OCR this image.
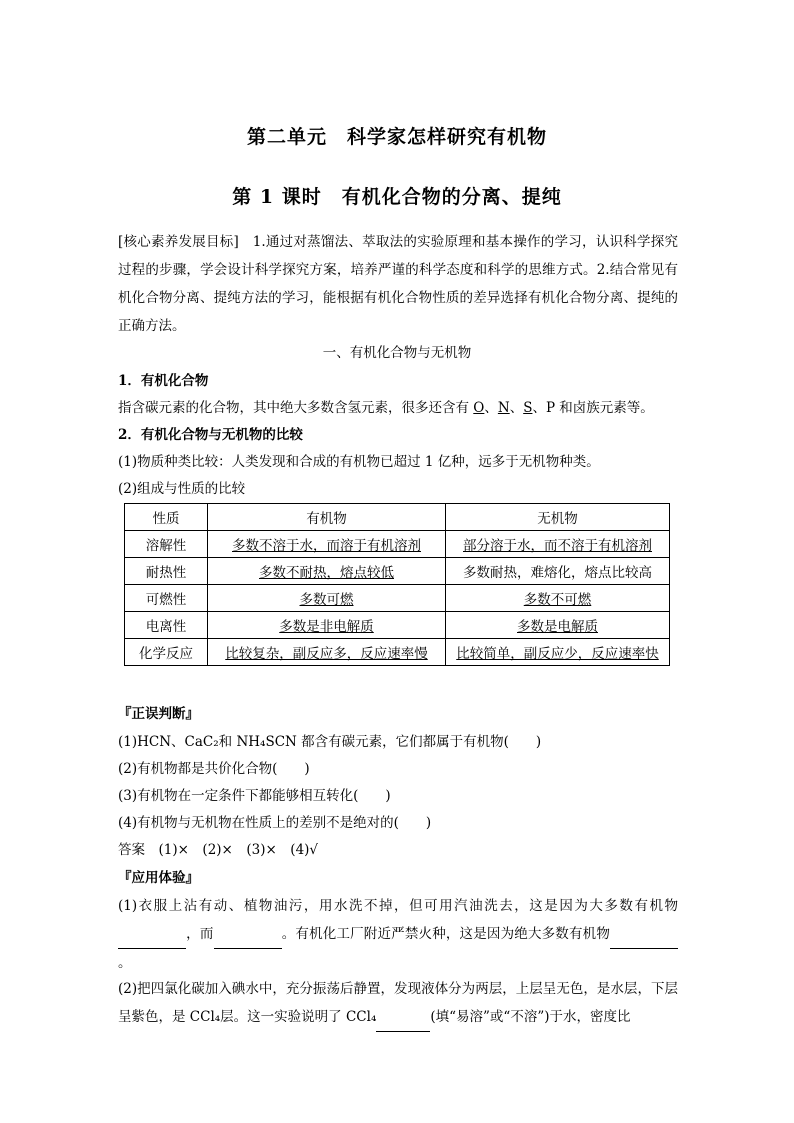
第二单元　科学家怎样研究有机物
第 1 课时　有机化合物的分离、提纯
[核心素养发展目标]　1.通过对蒸馏法、萃取法的实验原理和基本操作的学习，认识科学探究过程的步骤，学会设计科学探究方案，培养严谨的科学态度和科学的思维方式。2.结合常见有机化合物分离、提纯方法的学习，能根据有机化合物性质的差异选择有机化合物分离、提纯的正确方法。
一、有机化合物与无机物
1．有机化合物
指含碳元素的化合物，其中绝大多数含氢元素，很多还含有 O、N、S、P 和卤族元素等。
2．有机化合物与无机物的比较
(1)物质种类比较：人类发现和合成的有机物已超过 1 亿种，远多于无机物种类。
(2)组成与性质的比较
性质	有机物	无机物
溶解性	多数不溶于水，而溶于有机溶剂	部分溶于水，而不溶于有机溶剂
耐热性	多数不耐热，熔点较低	多数耐热，难熔化，熔点比较高
可燃性	多数可燃	多数不可燃
电离性	多数是非电解质	多数是电解质
化学反应	比较复杂，副反应多，反应速率慢	比较简单，副反应少，反应速率快
『正误判断』
(1)HCN、CaC₂和 NH₄SCN 都含有碳元素，它们都属于有机物(　　)
(2)有机物都是共价化合物(　　)
(3)有机物在一定条件下都能够相互转化(　　)
(4)有机物与无机物在性质上的差别不是绝对的(　　)
答案　(1)×　(2)×　(3)×　(4)√
『应用体验』
(1)衣服上沾有动、植物油污，用水洗不掉，但可用汽油洗去，这是因为大多数有机物 ，而	。有机化工厂附近严禁火种，这是因为绝大多数有机物 。
(2)把四氯化碳加入碘水中，充分振荡后静置，发现液体分为两层，上层呈无色，是水层，下层呈紫色，是 CCl₄层。这一实验说明了 CCl₄	(填“易溶”或“不溶”)于水，密度比
